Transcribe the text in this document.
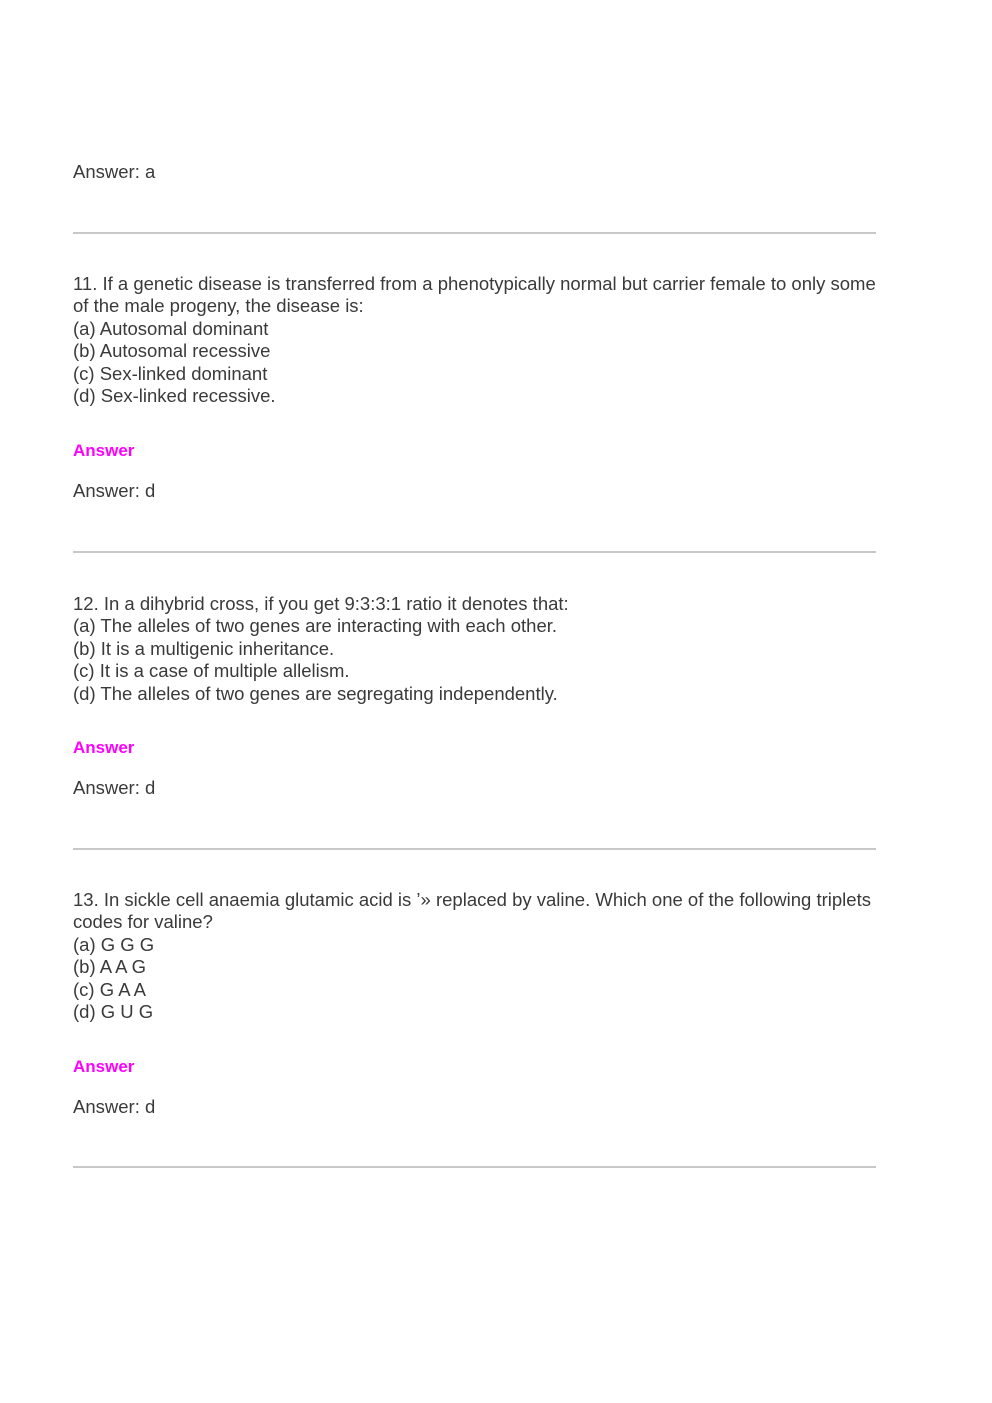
Answer: a

11. If a genetic disease is transferred from a phenotypically normal but carrier female to only some of the male progeny, the disease is:

(a) Autosomal dominant

(b) Autosomal recessive

(c) Sex-linked dominant

(d) Sex-linked recessive.

Answer

Answer: d

12. In a dihybrid cross, if you get 9:3:3:1 ratio it denotes that:

(a) The alleles of two genes are interacting with each other.

(b) It is a multigenic inheritance.

(c) It is a case of multiple allelism.

(d) The alleles of two genes are segregating independently.

Answer

Answer: d

13. In sickle cell anaemia glutamic acid is ’» replaced by valine. Which one of the following triplets codes for valine?

(a) G G G

(b) A A G

(c) G A A

(d) G U G

Answer

Answer: d
